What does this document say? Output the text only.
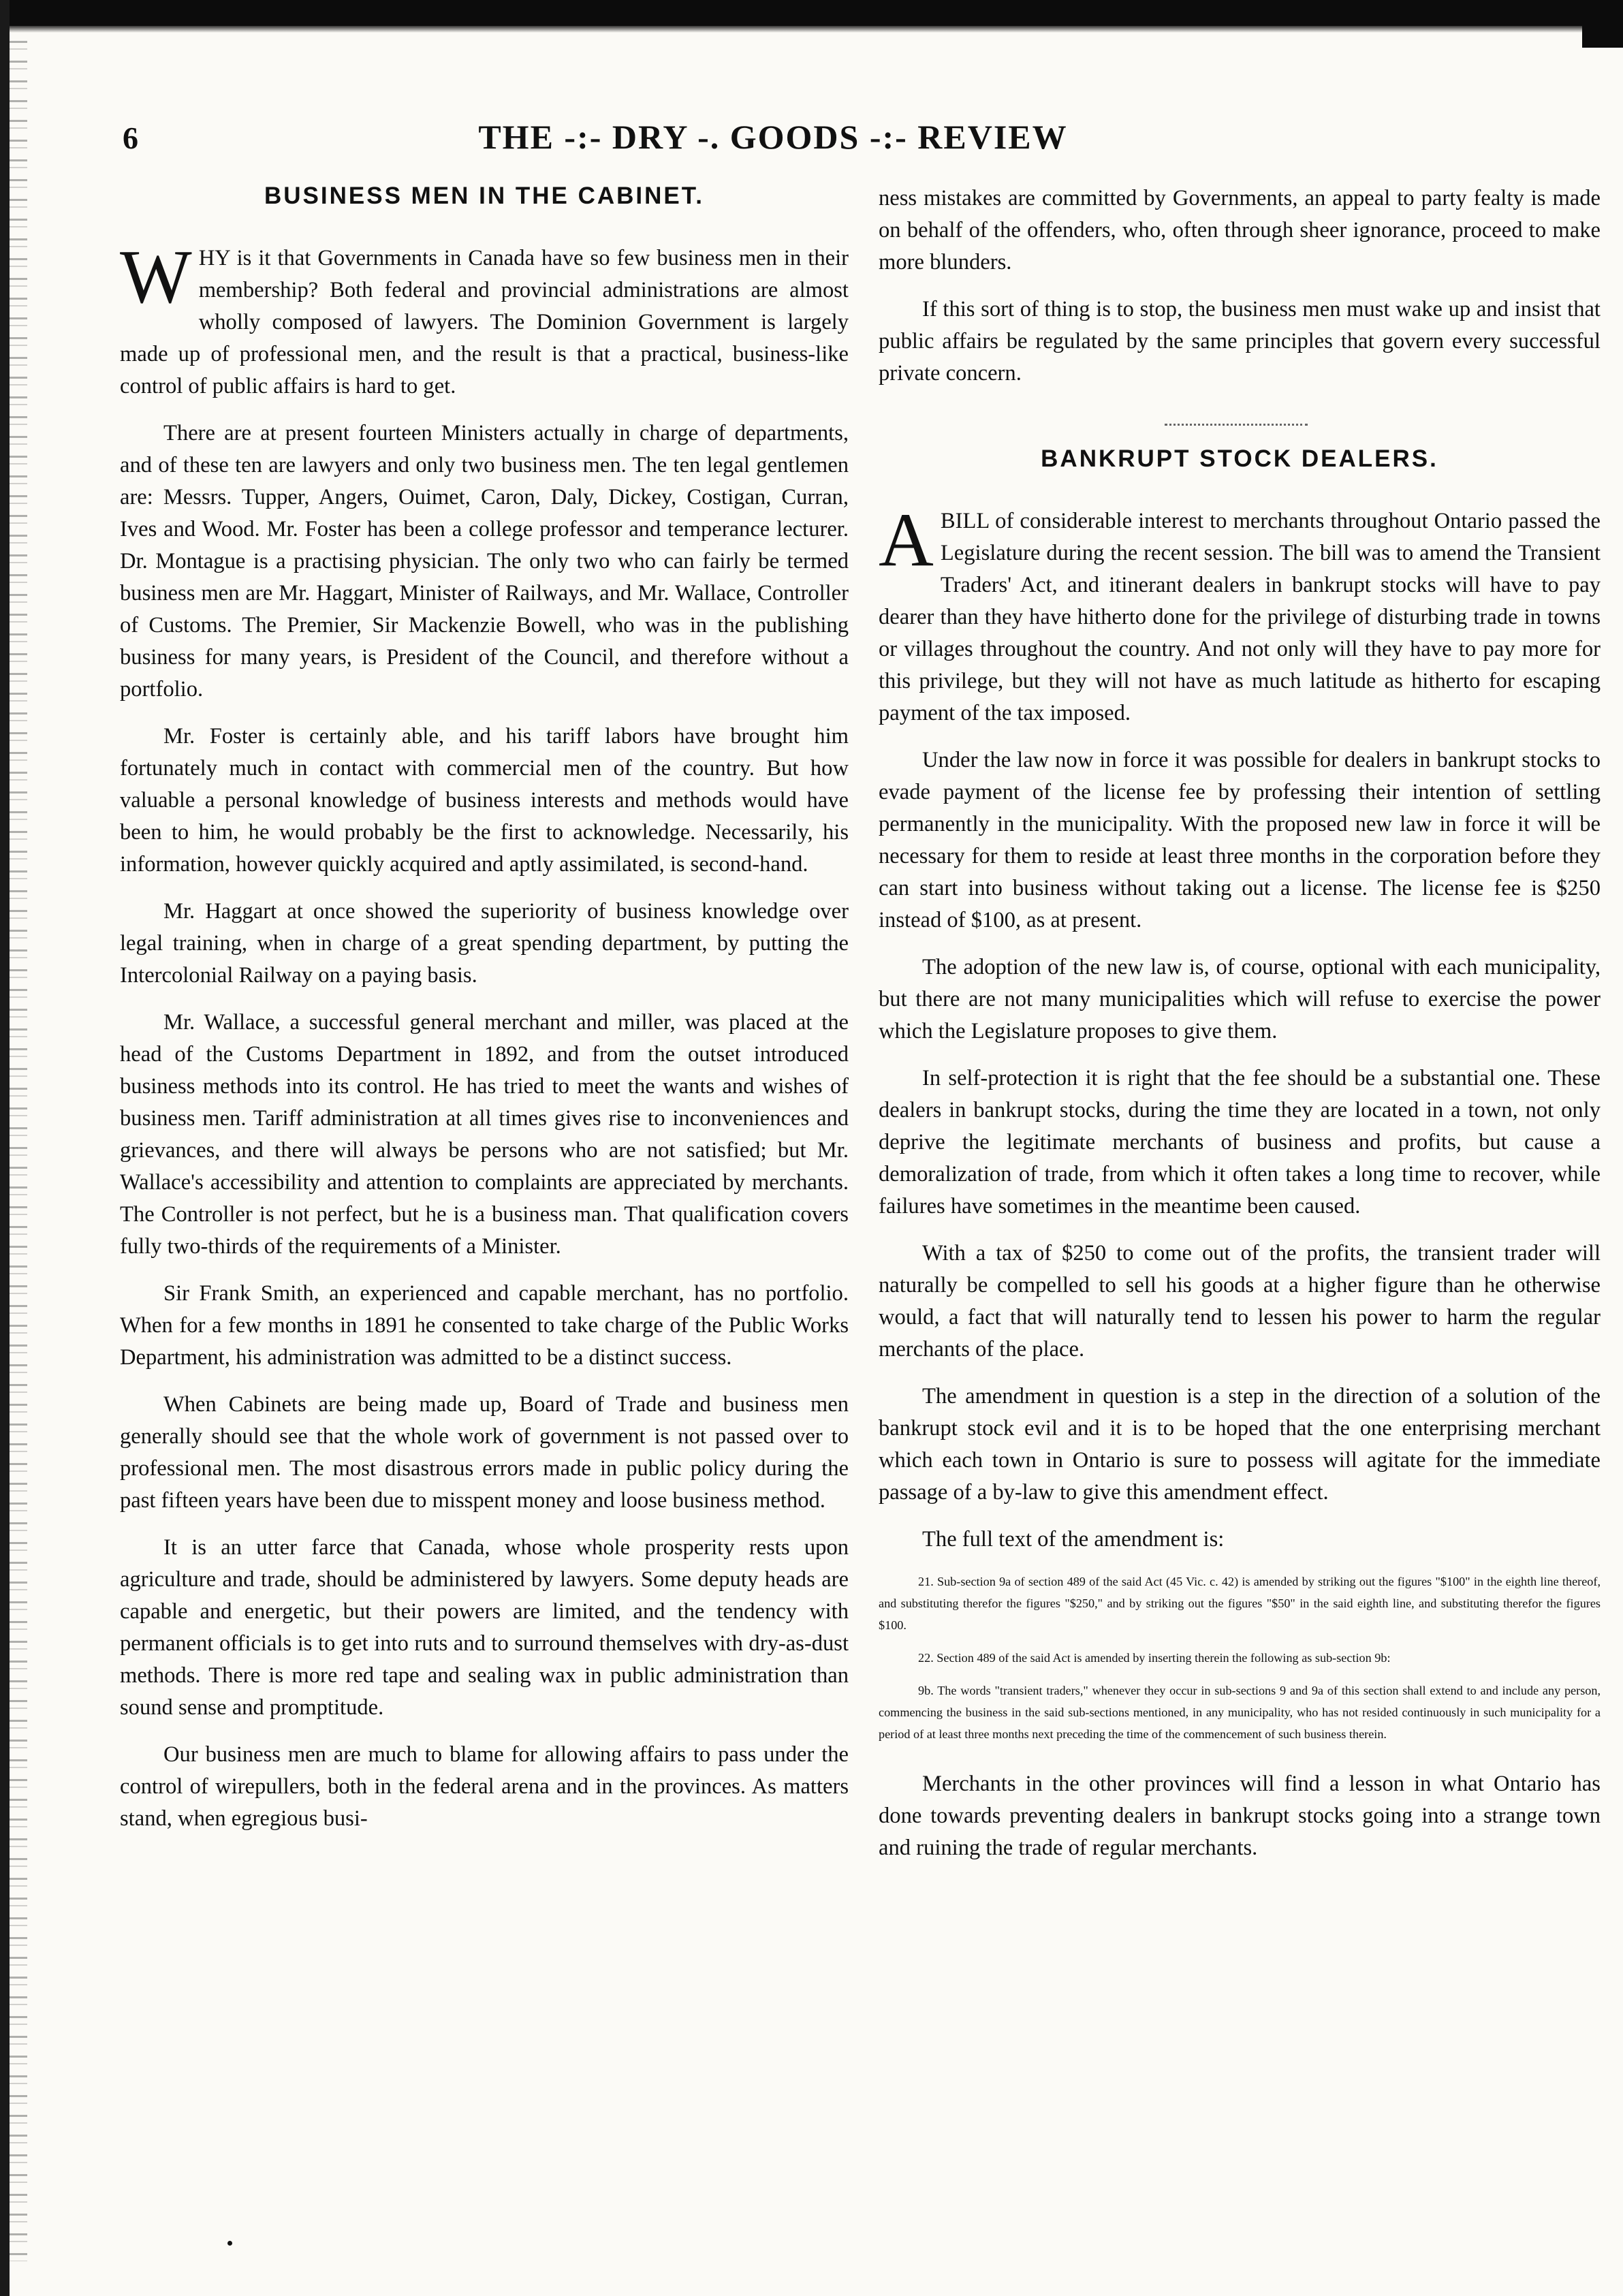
6	THE -:- DRY -. GOODS -:- REVIEW
BUSINESS MEN IN THE CABINET.

WHY is it that Governments in Canada have so few business men in their membership? Both federal and provincial administrations are almost wholly composed of lawyers. The Dominion Government is largely made up of professional men, and the result is that a practical, business-like control of public affairs is hard to get.

There are at present fourteen Ministers actually in charge of departments, and of these ten are lawyers and only two business men. The ten legal gentlemen are: Messrs. Tupper, Angers, Ouimet, Caron, Daly, Dickey, Costigan, Curran, Ives and Wood. Mr. Foster has been a college professor and temperance lecturer. Dr. Montague is a practising physician. The only two who can fairly be termed business men are Mr. Haggart, Minister of Railways, and Mr. Wallace, Controller of Customs. The Premier, Sir Mackenzie Bowell, who was in the publishing business for many years, is President of the Council, and therefore without a portfolio.

Mr. Foster is certainly able, and his tariff labors have brought him fortunately much in contact with commercial men of the country. But how valuable a personal knowledge of business interests and methods would have been to him, he would probably be the first to acknowledge. Necessarily, his information, however quickly acquired and aptly assimilated, is second-hand.

Mr. Haggart at once showed the superiority of business knowledge over legal training, when in charge of a great spending department, by putting the Intercolonial Railway on a paying basis.

Mr. Wallace, a successful general merchant and miller, was placed at the head of the Customs Department in 1892, and from the outset introduced business methods into its control. He has tried to meet the wants and wishes of business men. Tariff administration at all times gives rise to inconveniences and grievances, and there will always be persons who are not satisfied; but Mr. Wallace's accessibility and attention to complaints are appreciated by merchants. The Controller is not perfect, but he is a business man. That qualification covers fully two-thirds of the requirements of a Minister.

Sir Frank Smith, an experienced and capable merchant, has no portfolio. When for a few months in 1891 he consented to take charge of the Public Works Department, his administration was admitted to be a distinct success.

When Cabinets are being made up, Board of Trade and business men generally should see that the whole work of government is not passed over to professional men. The most disastrous errors made in public policy during the past fifteen years have been due to misspent money and loose business method.

It is an utter farce that Canada, whose whole prosperity rests upon agriculture and trade, should be administered by lawyers. Some deputy heads are capable and energetic, but their powers are limited, and the tendency with permanent officials is to get into ruts and to surround themselves with dry-as-dust methods. There is more red tape and sealing wax in public administration than sound sense and promptitude.

Our business men are much to blame for allowing affairs to pass under the control of wirepullers, both in the federal arena and in the provinces. As matters stand, when egregious busi-

ness mistakes are committed by Governments, an appeal to party fealty is made on behalf of the offenders, who, often through sheer ignorance, proceed to make more blunders.

If this sort of thing is to stop, the business men must wake up and insist that public affairs be regulated by the same principles that govern every successful private concern.

BANKRUPT STOCK DEALERS.

ABILL of considerable interest to merchants throughout Ontario passed the Legislature during the recent session. The bill was to amend the Transient Traders' Act, and itinerant dealers in bankrupt stocks will have to pay dearer than they have hitherto done for the privilege of disturbing trade in towns or villages throughout the country. And not only will they have to pay more for this privilege, but they will not have as much latitude as hitherto for escaping payment of the tax imposed.

Under the law now in force it was possible for dealers in bankrupt stocks to evade payment of the license fee by professing their intention of settling permanently in the municipality. With the proposed new law in force it will be necessary for them to reside at least three months in the corporation before they can start into business without taking out a license. The license fee is $250 instead of $100, as at present.

The adoption of the new law is, of course, optional with each municipality, but there are not many municipalities which will refuse to exercise the power which the Legislature proposes to give them.

In self-protection it is right that the fee should be a substantial one. These dealers in bankrupt stocks, during the time they are located in a town, not only deprive the legitimate merchants of business and profits, but cause a demoralization of trade, from which it often takes a long time to recover, while failures have sometimes in the meantime been caused.

With a tax of $250 to come out of the profits, the transient trader will naturally be compelled to sell his goods at a higher figure than he otherwise would, a fact that will naturally tend to lessen his power to harm the regular merchants of the place.

The amendment in question is a step in the direction of a solution of the bankrupt stock evil and it is to be hoped that the one enterprising merchant which each town in Ontario is sure to possess will agitate for the immediate passage of a by-law to give this amendment effect.

The full text of the amendment is:

21. Sub-section 9a of section 489 of the said Act (45 Vic. c. 42) is amended by striking out the figures "$100" in the eighth line thereof, and substituting therefor the figures "$250," and by striking out the figures "$50" in the said eighth line, and substituting therefor the figures $100.
22. Section 489 of the said Act is amended by inserting therein the following as sub-section 9b:
9b. The words "transient traders," whenever they occur in sub-sections 9 and 9a of this section shall extend to and include any person, commencing the business in the said sub-sections mentioned, in any municipality, who has not resided continuously in such municipality for a period of at least three months next preceding the time of the commencement of such business therein.

Merchants in the other provinces will find a lesson in what Ontario has done towards preventing dealers in bankrupt stocks going into a strange town and ruining the trade of regular merchants.
